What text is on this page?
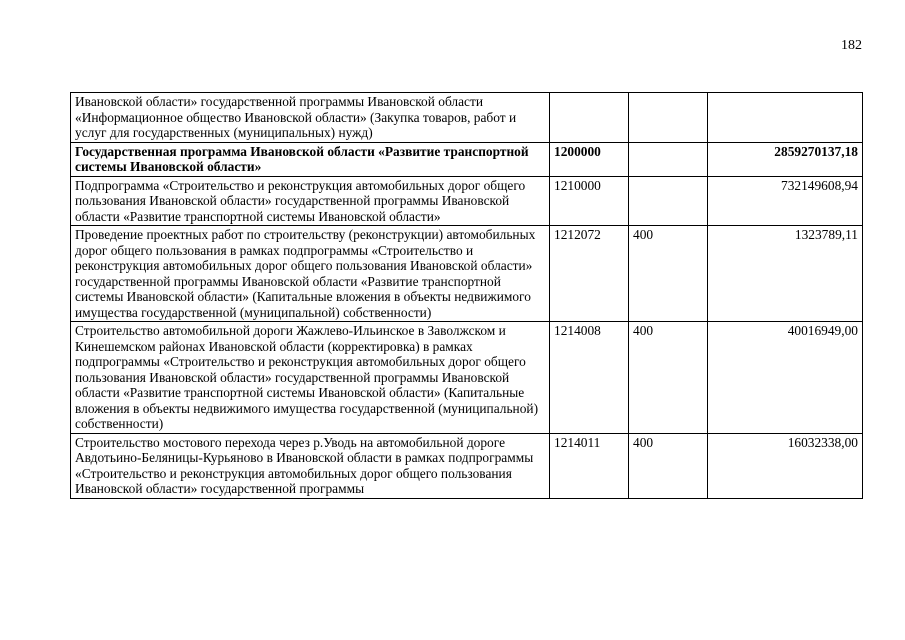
182
Ивановской области» государственной программы Ивановской области «Информационное общество Ивановской области» (Закупка товаров, работ и услуг для государственных (муниципальных) нужд)			
Государственная программа Ивановской области «Развитие транспортной системы Ивановской области»	1200000		2859270137,18
Подпрограмма «Строительство и реконструкция автомобильных дорог общего пользования Ивановской области» государственной программы Ивановской области «Развитие транспортной системы Ивановской области»	1210000		732149608,94
Проведение проектных работ по строительству (реконструкции) автомобильных дорог общего пользования в рамках подпрограммы «Строительство и реконструкция автомобильных дорог общего пользования Ивановской области» государственной программы Ивановской области «Развитие транспортной системы Ивановской области» (Капитальные вложения в объекты недвижимого имущества государственной (муниципальной) собственности)	1212072	400	1323789,11
Строительство автомобильной дороги Жажлево-Ильинское в Заволжском и Кинешемском районах Ивановской области (корректировка) в рамках подпрограммы «Строительство и реконструкция автомобильных дорог общего пользования Ивановской области» государственной программы Ивановской области «Развитие транспортной системы Ивановской области» (Капитальные вложения в объекты недвижимого имущества государственной (муниципальной) собственности)	1214008	400	40016949,00
Строительство мостового перехода через р.Уводь на автомобильной дороге Авдотьино-Беляницы-Курьяново в Ивановской области в рамках подпрограммы «Строительство и реконструкция автомобильных дорог общего пользования Ивановской области» государственной программы	1214011	400	16032338,00
